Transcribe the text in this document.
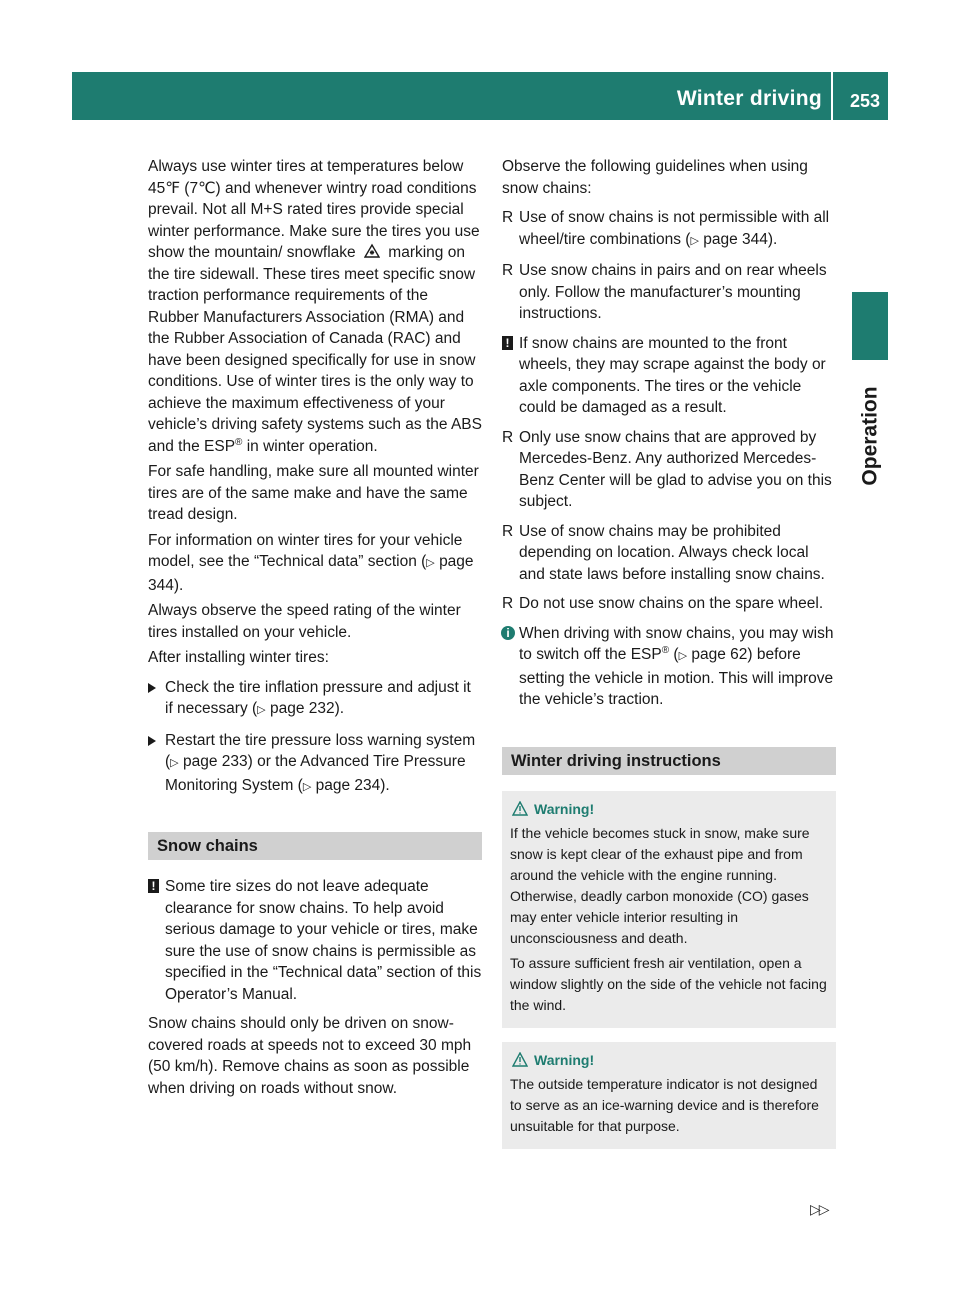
Winter driving 253
Operation

Always use winter tires at temperatures below 45℉ (7℃) and whenever wintry road conditions prevail. Not all M+S rated tires provide special winter performance. Make sure the tires you use show the mountain/ snowflake marking on the tire sidewall. These tires meet specific snow traction performance requirements of the Rubber Manufacturers Association (RMA) and the Rubber Association of Canada (RAC) and have been designed specifically for use in snow conditions. Use of winter tires is the only way to achieve the maximum effectiveness of your vehicle’s driving safety systems such as the ABS and the ESP® in winter operation.

For safe handling, make sure all mounted winter tires are of the same make and have the same tread design.

For information on winter tires for your vehicle model, see the “Technical data” section (▷ page 344).

Always observe the speed rating of the winter tires installed on your vehicle.

After installing winter tires:

Check the tire inflation pressure and adjust it if necessary (▷ page 232).
Restart the tire pressure loss warning system (▷ page 233) or the Advanced Tire Pressure Monitoring System (▷ page 234).
Snow chains
! Some tire sizes do not leave adequate clearance for snow chains. To help avoid serious damage to your vehicle or tires, make sure the use of snow chains is permissible as specified in the “Technical data” section of this Operator’s Manual.

Snow chains should only be driven on snow-covered roads at speeds not to exceed 30 mph (50 km/h). Remove chains as soon as possible when driving on roads without snow.

Observe the following guidelines when using snow chains:

R Use of snow chains is not permissible with all wheel/tire combinations (▷ page 344).
R Use snow chains in pairs and on rear wheels only. Follow the manufacturer’s mounting instructions.
! If snow chains are mounted to the front wheels, they may scrape against the body or axle components. The tires or the vehicle could be damaged as a result.
R Only use snow chains that are approved by Mercedes-Benz. Any authorized Mercedes-Benz Center will be glad to advise you on this subject.
R Use of snow chains may be prohibited depending on location. Always check local and state laws before installing snow chains.
R Do not use snow chains on the spare wheel.
i When driving with snow chains, you may wish to switch off the ESP® (▷ page 62) before setting the vehicle in motion. This will improve the vehicle’s traction.
Winter driving instructions
Warning!

If the vehicle becomes stuck in snow, make sure snow is kept clear of the exhaust pipe and from around the vehicle with the engine running. Otherwise, deadly carbon monoxide (CO) gases may enter vehicle interior resulting in unconsciousness and death.

To assure sufficient fresh air ventilation, open a window slightly on the side of the vehicle not facing the wind.

Warning!

The outside temperature indicator is not designed to serve as an ice-warning device and is therefore unsuitable for that purpose.

▷▷
